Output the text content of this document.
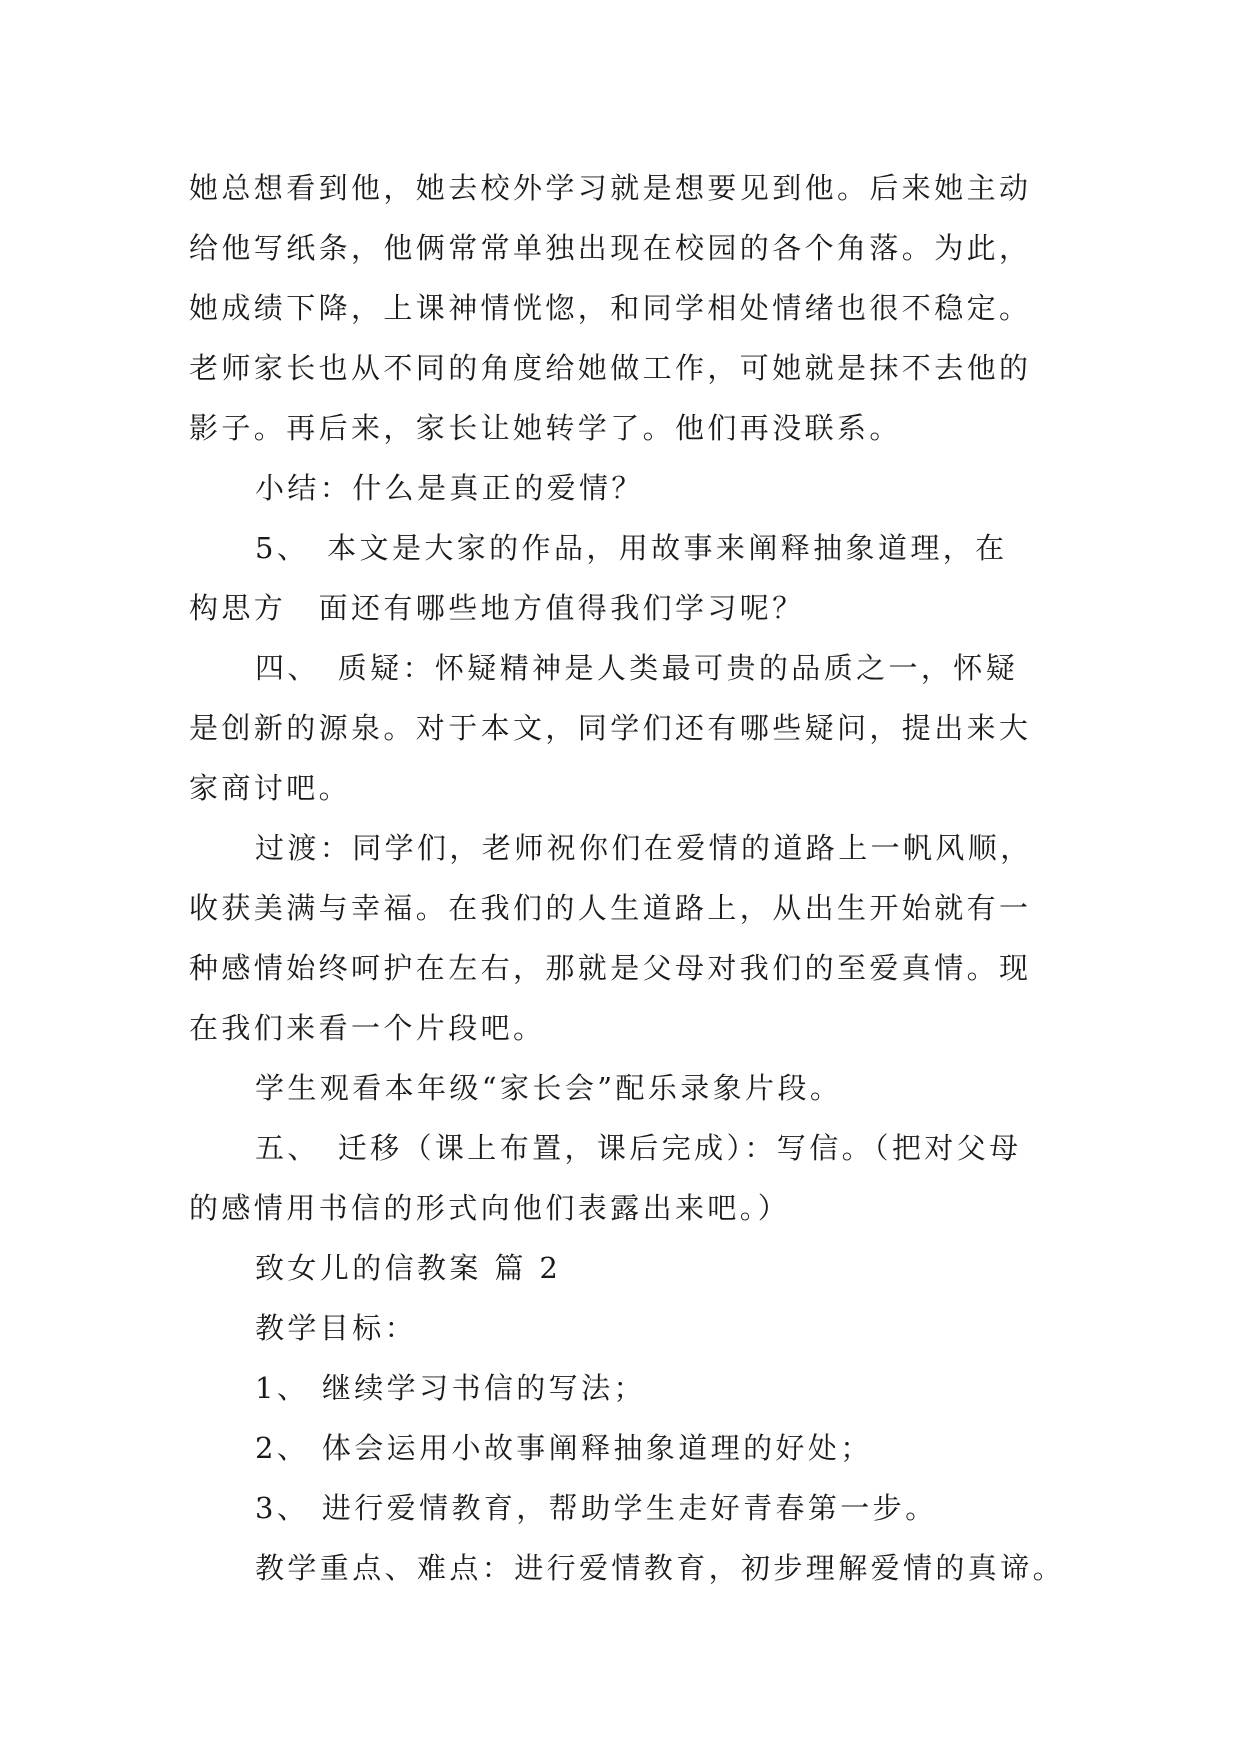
她总想看到他，她去校外学习就是想要见到他。后来她主动
给他写纸条，他俩常常单独出现在校园的各个角落。为此，
她成绩下降，上课神情恍惚，和同学相处情绪也很不稳定。
老师家长也从不同的角度给她做工作，可她就是抹不去他的
影子。再后来，家长让她转学了。他们再没联系。
小结：什么是真正的爱情？
5、　本文是大家的作品，用故事来阐释抽象道理，在
构思方　面还有哪些地方值得我们学习呢？
四、　质疑：怀疑精神是人类最可贵的品质之一，怀疑
是创新的源泉。对于本文，同学们还有哪些疑问，提出来大
家商讨吧。
过渡：同学们，老师祝你们在爱情的道路上一帆风顺，
收获美满与幸福。在我们的人生道路上，从出生开始就有一
种感情始终呵护在左右，那就是父母对我们的至爱真情。现
在我们来看一个片段吧。
学生观看本年级“家长会”配乐录象片段。
五、　迁移（课上布置，课后完成）：写信。（把对父母
的感情用书信的形式向他们表露出来吧。）
致女儿的信教案 篇 2
教学目标：
1、 继续学习书信的写法；
2、 体会运用小故事阐释抽象道理的好处；
3、 进行爱情教育，帮助学生走好青春第一步。
教学重点、难点：进行爱情教育，初步理解爱情的真谛。
